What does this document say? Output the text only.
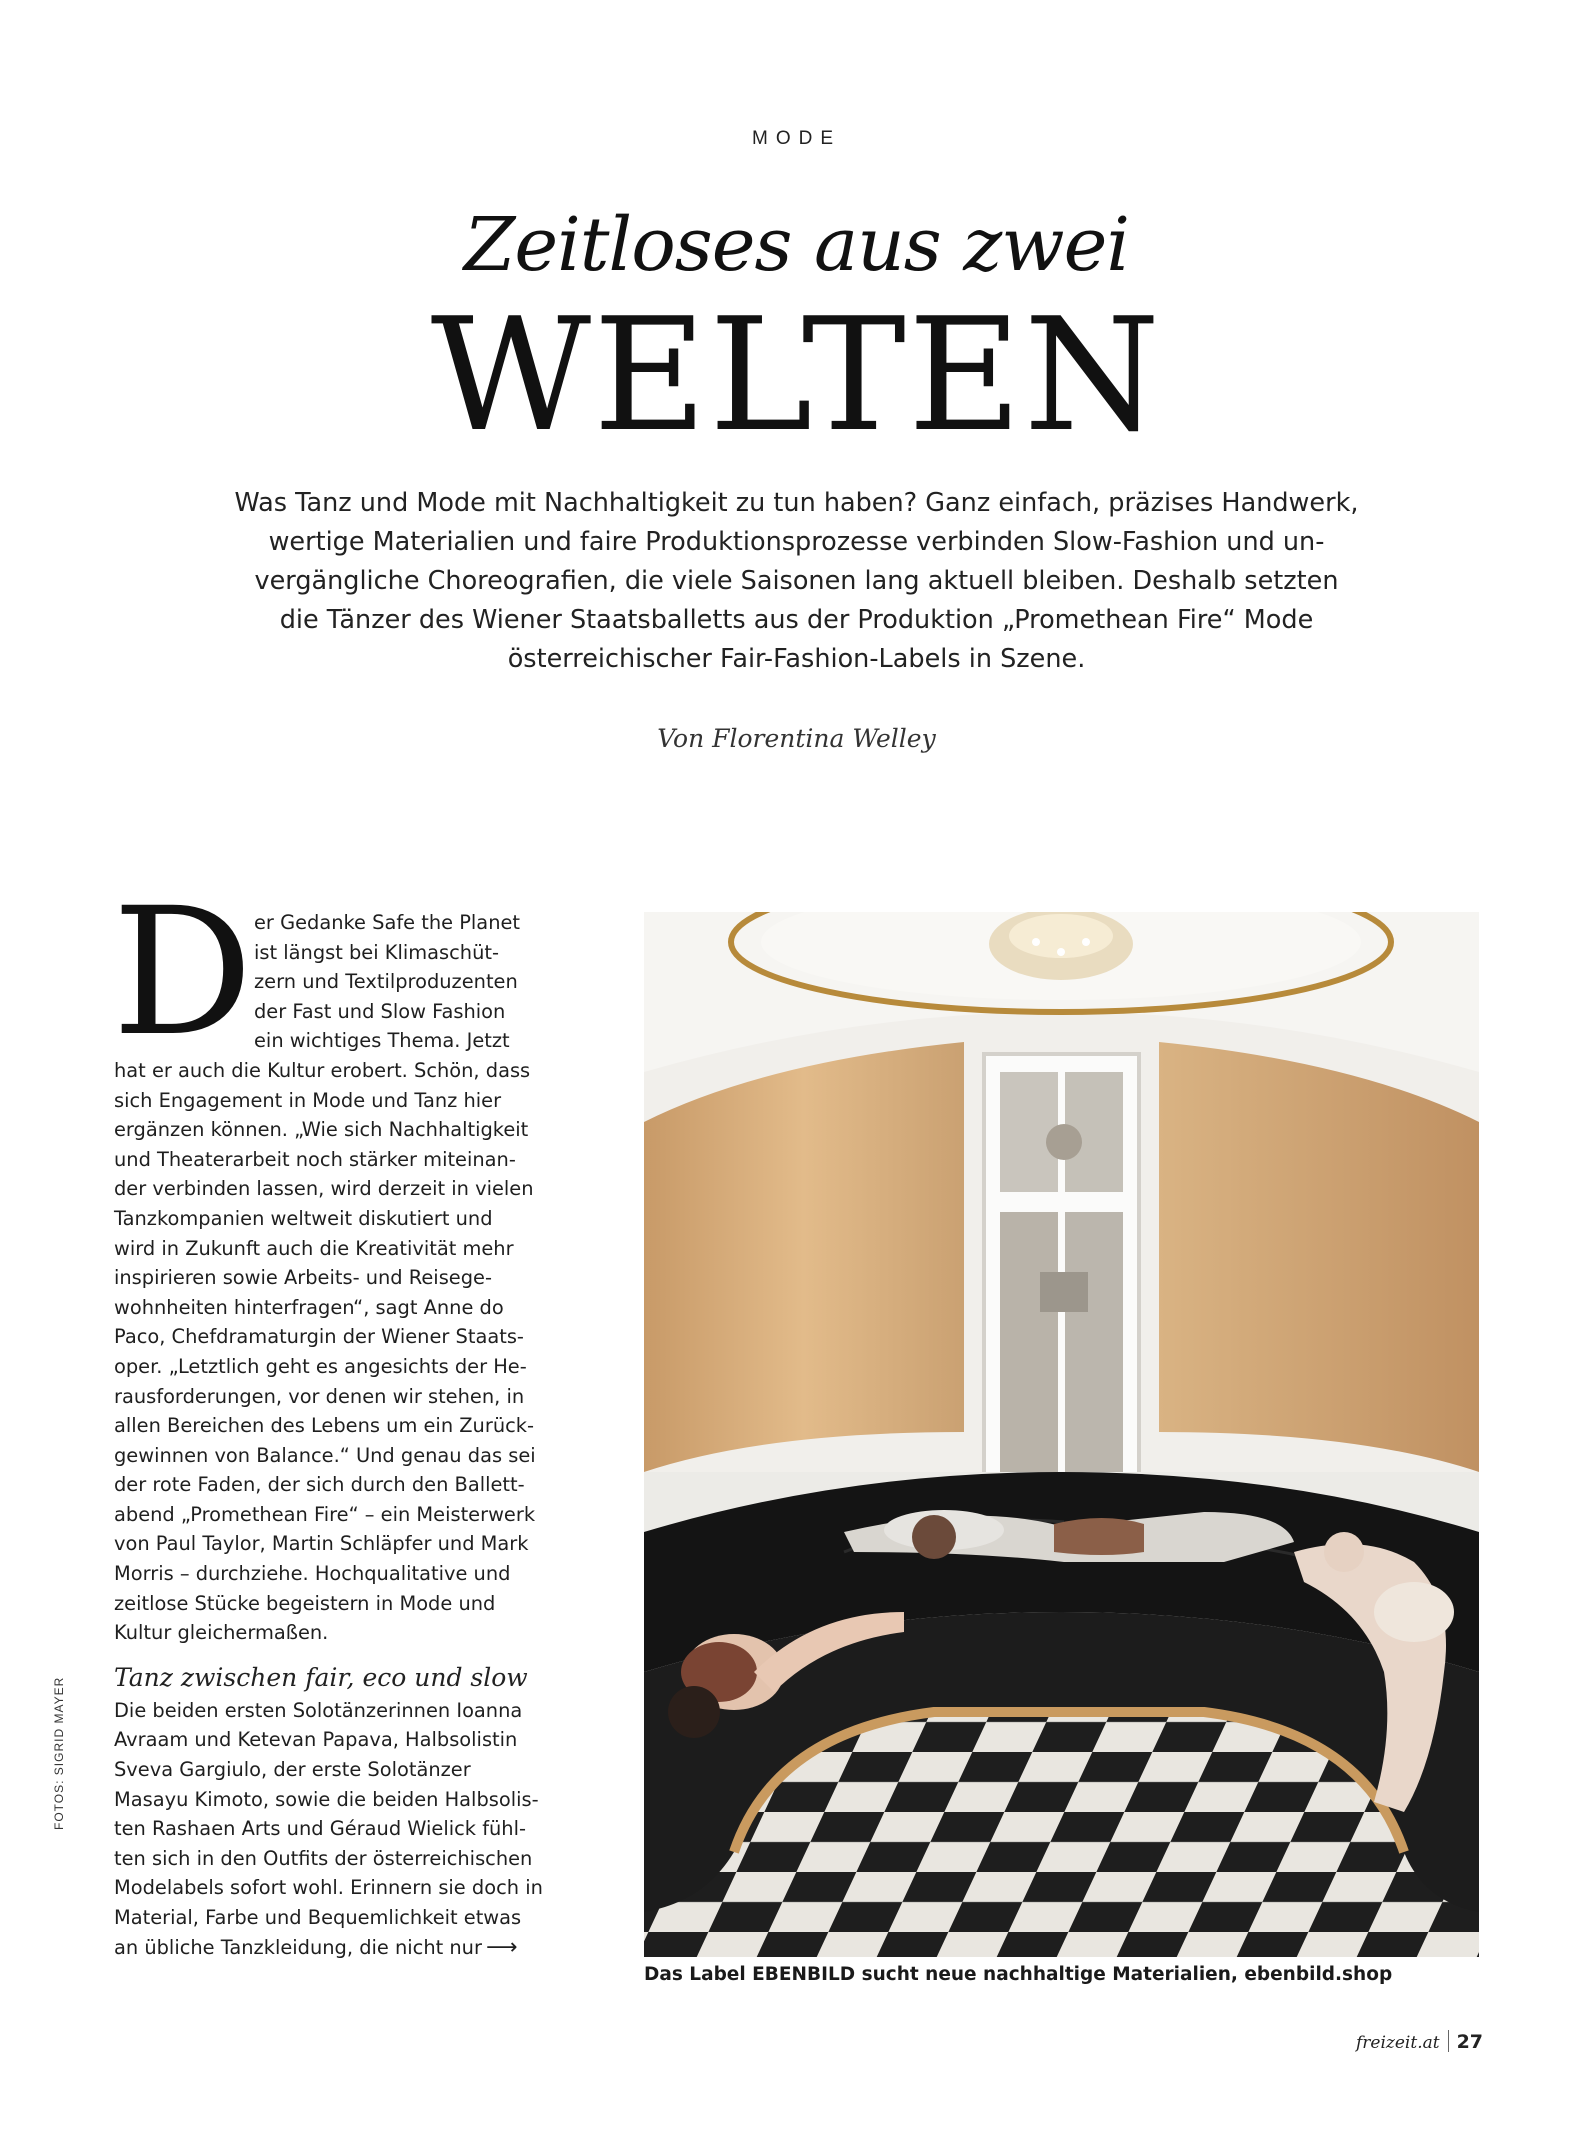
MODE
Zeitloses aus zwei
WELTEN
Was Tanz und Mode mit Nachhaltigkeit zu tun haben? Ganz einfach, präzises Handwerk,
wertige Materialien und faire Produktionsprozesse verbinden Slow-Fashion und un-
vergängliche Choreografien, die viele Saisonen lang aktuell bleiben. Deshalb setzten
die Tänzer des Wiener Staatsballetts aus der Produktion „Promethean Fire“ Mode
österreichischer Fair-Fashion-Labels in Szene.
Von Florentina Welley
D er Gedanke Safe the Planet
ist längst bei Klimaschüt-
zern und Textilproduzenten
der Fast und Slow Fashion
ein wichtiges Thema. Jetzt
hat er auch die Kultur erobert. Schön, dass
sich Engagement in Mode und Tanz hier
ergänzen können. „Wie sich Nachhaltigkeit
und Theaterarbeit noch stärker miteinan-
der verbinden lassen, wird derzeit in vielen
Tanzkompanien weltweit diskutiert und
wird in Zukunft auch die Kreativität mehr
inspirieren sowie Arbeits- und Reisege-
wohnheiten hinterfragen“, sagt Anne do
Paco, Chefdramaturgin der Wiener Staats-
oper. „Letztlich geht es angesichts der He-
rausforderungen, vor denen wir stehen, in
allen Bereichen des Lebens um ein Zurück-
gewinnen von Balance.“ Und genau das sei
der rote Faden, der sich durch den Ballett-
abend „Promethean Fire“ – ein Meisterwerk
von Paul Taylor, Martin Schläpfer und Mark
Morris – durchziehe. Hochqualitative und
zeitlose Stücke begeistern in Mode und
Kultur gleichermaßen.
Tanz zwischen fair, eco und slow
Die beiden ersten Solotänzerinnen Ioanna
Avraam und Ketevan Papava, Halbsolistin
Sveva Gargiulo, der erste Solotänzer
Masayu Kimoto, sowie die beiden Halbsolis-
ten Rashaen Arts und Géraud Wielick fühl-
ten sich in den Outfits der österreichischen
Modelabels sofort wohl. Erinnern sie doch in
Material, Farbe und Bequemlichkeit etwas
an übliche Tanzkleidung, die nicht nur ⟶
Das Label EBENBILD sucht neue nachhaltige Materialien, ebenbild.shop
FOTOS: SIGRID MAYER
freizeit.at 27
